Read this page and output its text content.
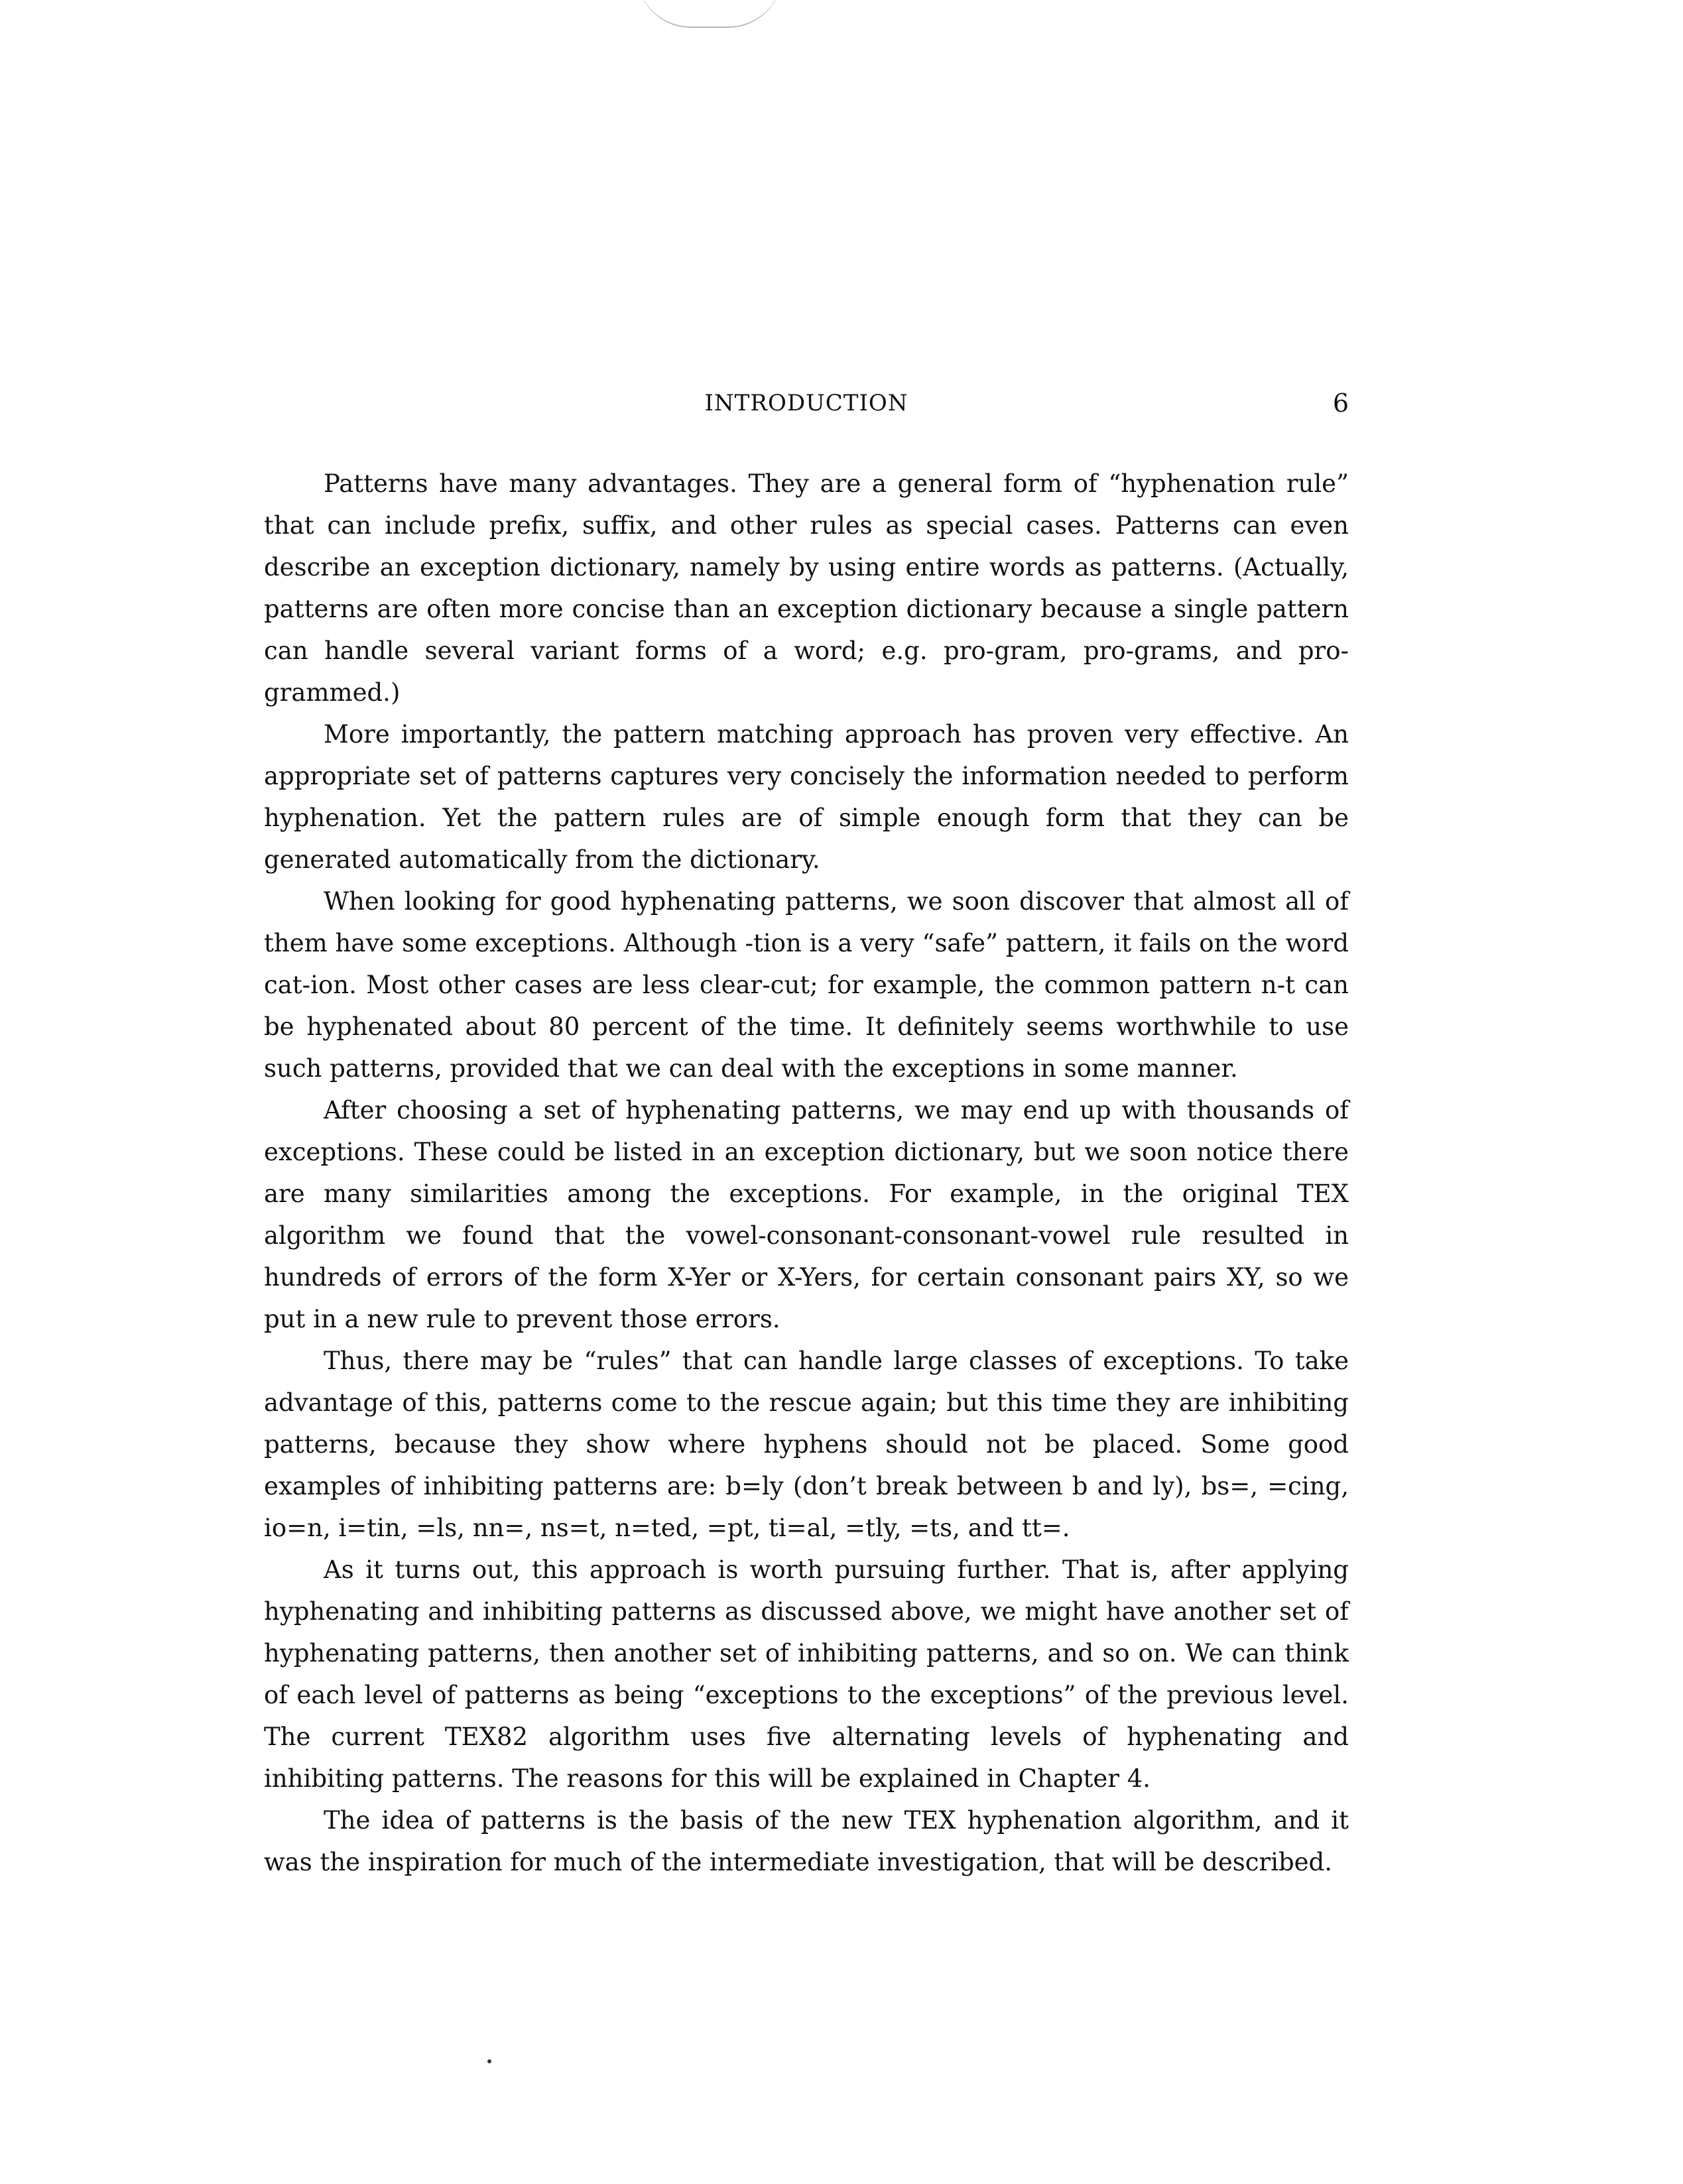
INTRODUCTION	6

Patterns have many advantages. They are a general form of “hyphenation rule” that can include prefix, suffix, and other rules as special cases. Patterns can even describe an exception dictionary, namely by using entire words as patterns. (Actually, patterns are often more concise than an exception dictionary because a single pattern can handle several variant forms of a word; e.g. pro-gram, pro-grams, and pro-grammed.)

More importantly, the pattern matching approach has proven very effective. An appropriate set of patterns captures very concisely the information needed to perform hyphenation. Yet the pattern rules are of simple enough form that they can be generated automatically from the dictionary.

When looking for good hyphenating patterns, we soon discover that almost all of them have some exceptions. Although -tion is a very “safe” pattern, it fails on the word cat-ion. Most other cases are less clear-cut; for example, the common pattern n-t can be hyphenated about 80 percent of the time. It definitely seems worthwhile to use such patterns, provided that we can deal with the exceptions in some manner.

After choosing a set of hyphenating patterns, we may end up with thousands of exceptions. These could be listed in an exception dictionary, but we soon notice there are many similarities among the exceptions. For example, in the original TEX algorithm we found that the vowel-consonant-consonant-vowel rule resulted in hundreds of errors of the form X-Yer or X-Yers, for certain consonant pairs XY, so we put in a new rule to prevent those errors.

Thus, there may be “rules” that can handle large classes of exceptions. To take advantage of this, patterns come to the rescue again; but this time they are inhibiting patterns, because they show where hyphens should not be placed. Some good examples of inhibiting patterns are: b=ly (don’t break between b and ly), bs=, =cing, io=n, i=tin, =ls, nn=, ns=t, n=ted, =pt, ti=al, =tly, =ts, and tt=.

As it turns out, this approach is worth pursuing further. That is, after applying hyphenating and inhibiting patterns as discussed above, we might have another set of hyphenating patterns, then another set of inhibiting patterns, and so on. We can think of each level of patterns as being “exceptions to the exceptions” of the previous level. The current TEX82 algorithm uses five alternating levels of hyphenating and inhibiting patterns. The reasons for this will be explained in Chapter 4.

The idea of patterns is the basis of the new TEX hyphenation algorithm, and it was the inspiration for much of the intermediate investigation, that will be described.
